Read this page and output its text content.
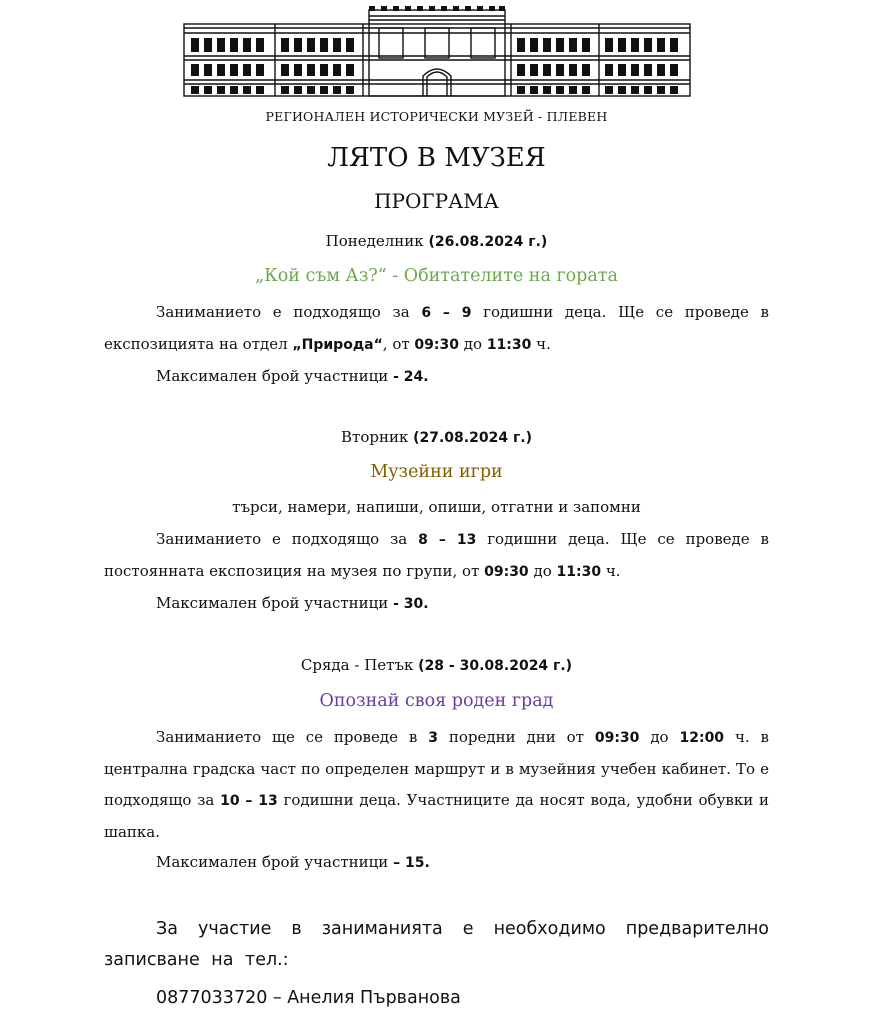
РЕГИОНАЛЕН ИСТОРИЧЕСКИ МУЗЕЙ - ПЛЕВЕН
ЛЯТО В МУЗЕЯ
ПРОГРАМА
Понеделник (26.08.2024 г.)
„Кой съм Аз?“ - Обитателите на гората
Заниманието е подходящо за 6 – 9 годишни деца. Ще се проведе в експозицията на отдел „Природа“, от 09:30 до 11:30 ч.
Максимален брой участници - 24.
Вторник (27.08.2024 г.)
Музейни игри
търси, намери, напиши, опиши, отгатни и запомни
Заниманието е подходящо за 8 – 13 годишни деца. Ще се проведе в постоянната експозиция на музея по групи, от 09:30 до 11:30 ч.
Максимален брой участници - 30.
Сряда - Петък (28 - 30.08.2024 г.)
Опознай своя роден град
Заниманието ще се проведе в 3 поредни дни от 09:30 до 12:00 ч. в централна градска част по определен маршрут и в музейния учебен кабинет. То е подходящо за 10 – 13 годишни деца. Участниците да носят вода, удобни обувки и шапка.
Максимален брой участници – 15.
За участие в заниманията е необходимо предварително записване на тел.:
0877033720 – Анелия Първанова
